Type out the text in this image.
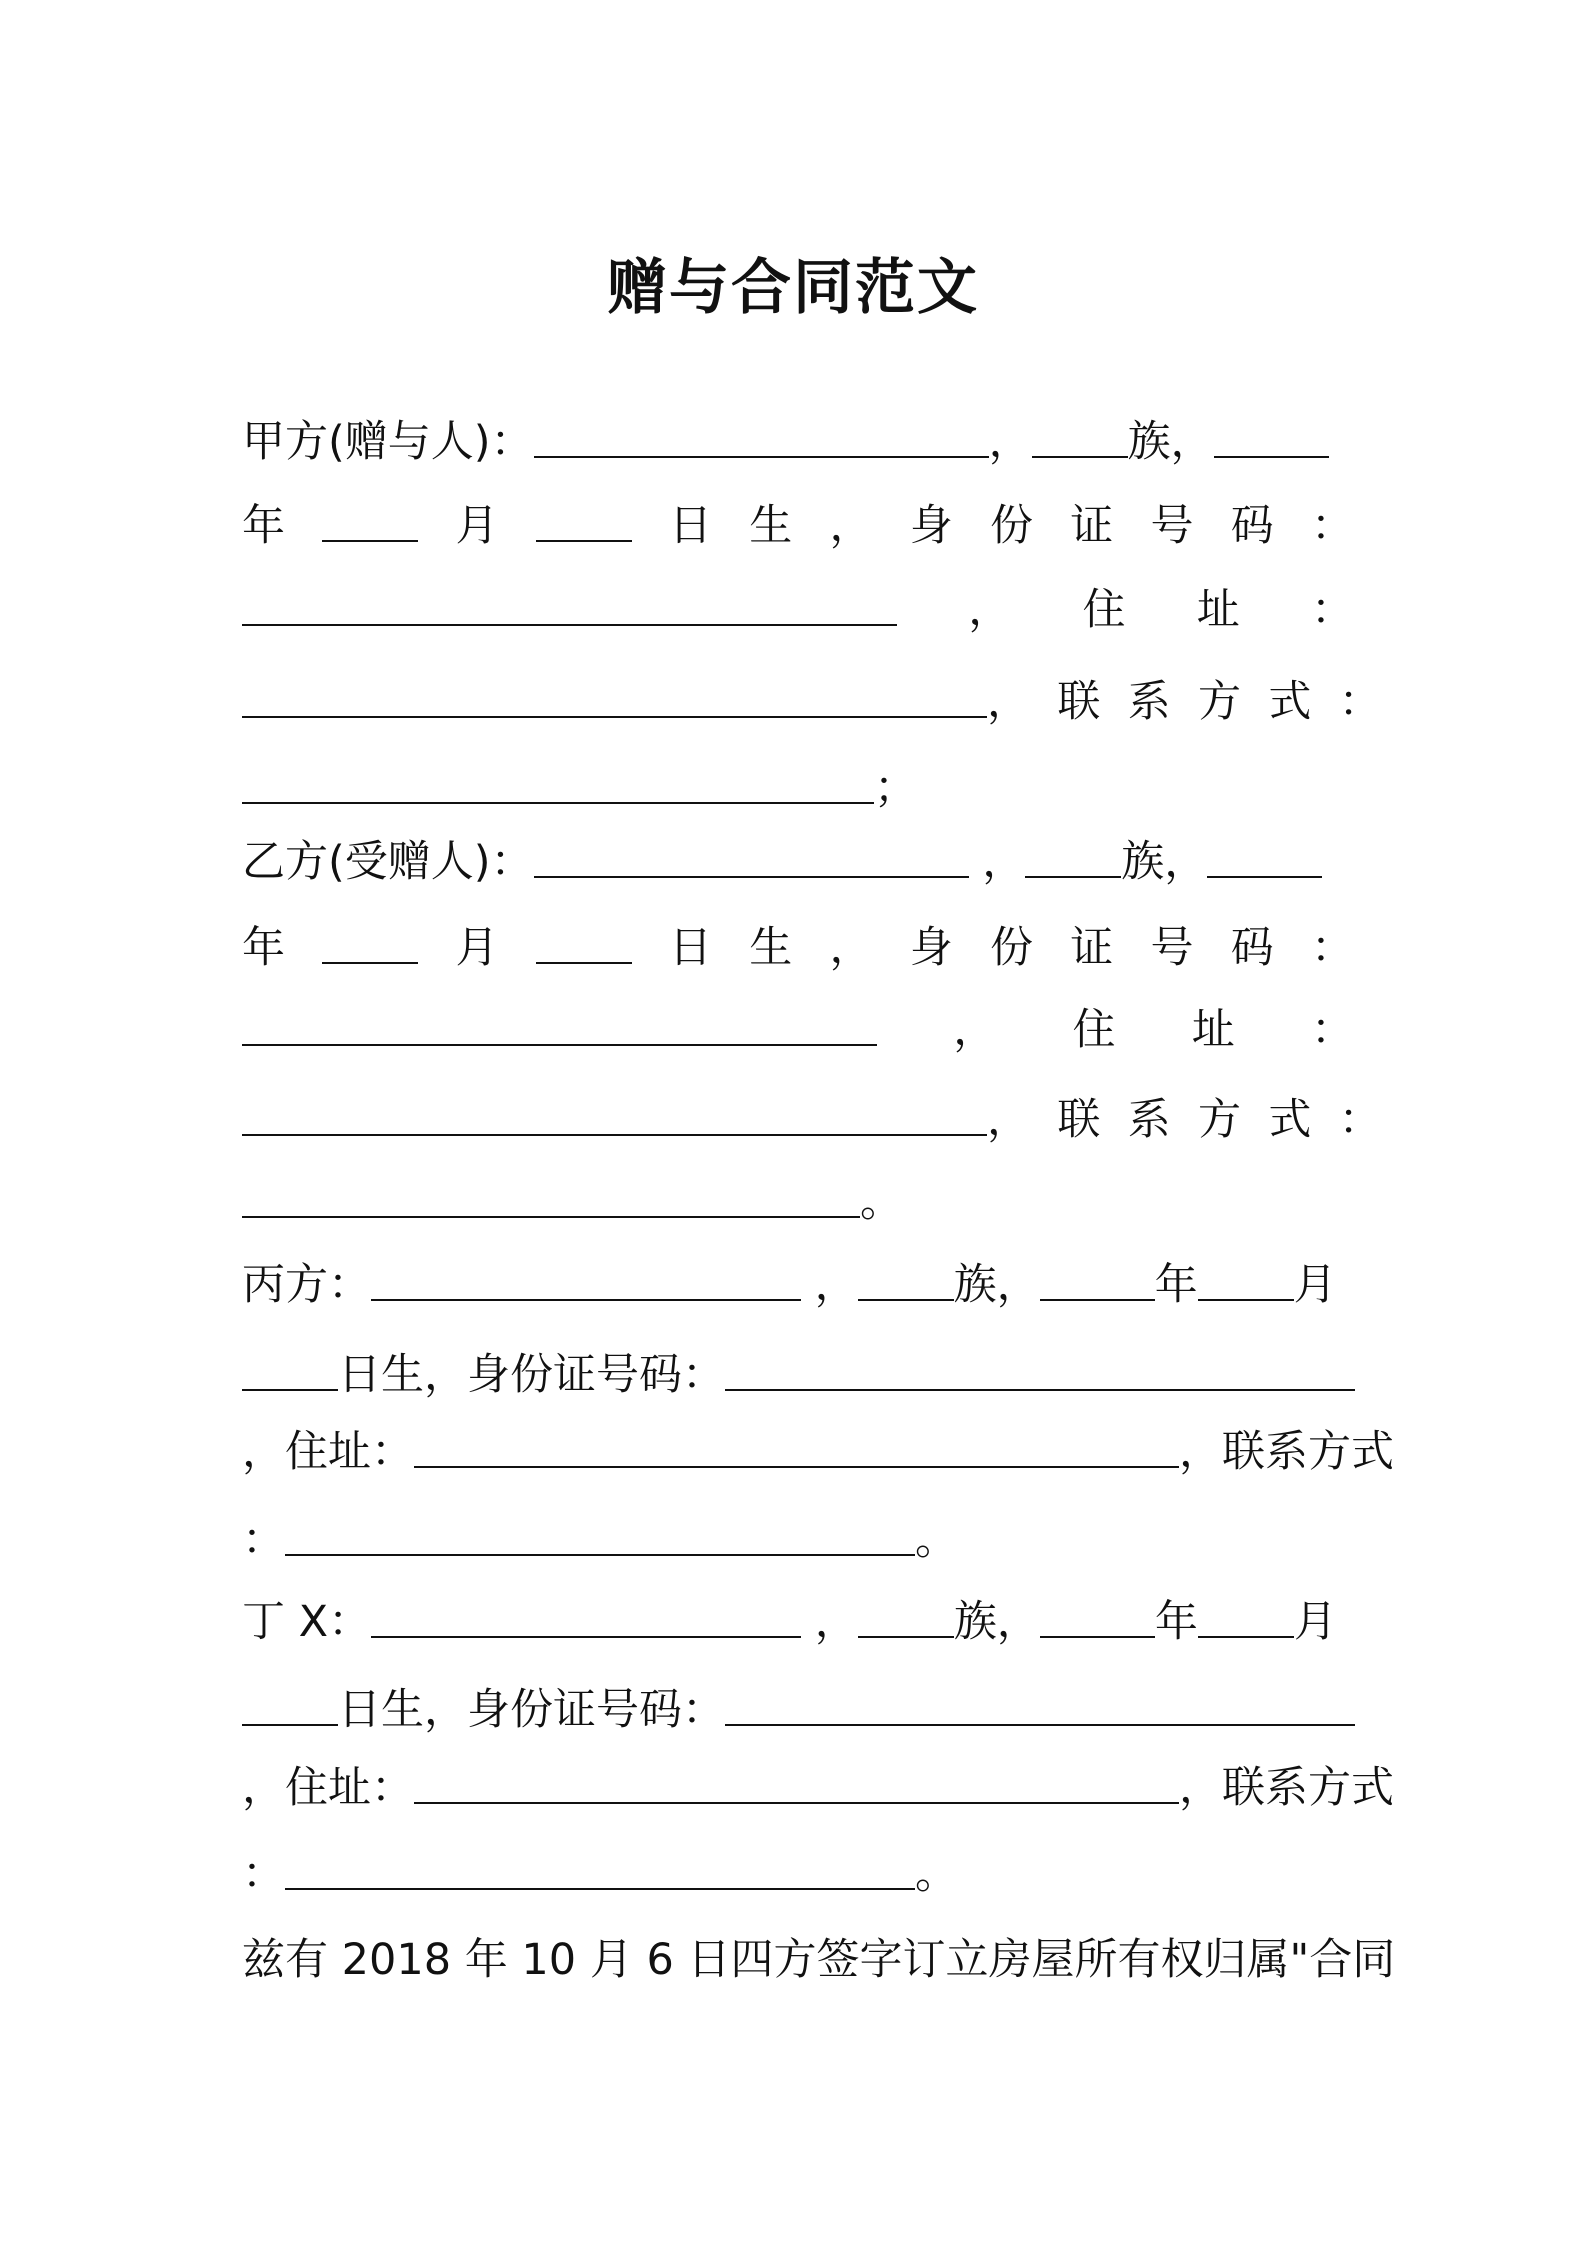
赠与合同范文
甲方(赠与人)：	， 族，
年	月	日 生 ， 身 份 证 号 码 ：
， 住 址 ：
，  联  系  方  式  ：
；
乙方(受赠人)：	， 族，
年	月	日 生 ， 身 份 证 号 码 ：
， 住 址 ：
，  联  系  方  式  ：
。
丙方：	， 族，	年 月
日生，身份证号码：
，住址：	，联系方式
：	。
丁 X：	， 族，	年 月
日生，身份证号码：
，住址：	，联系方式
：	。
兹有 2018 年 10 月 6 日四方签字订立房屋所有权归属"合同
